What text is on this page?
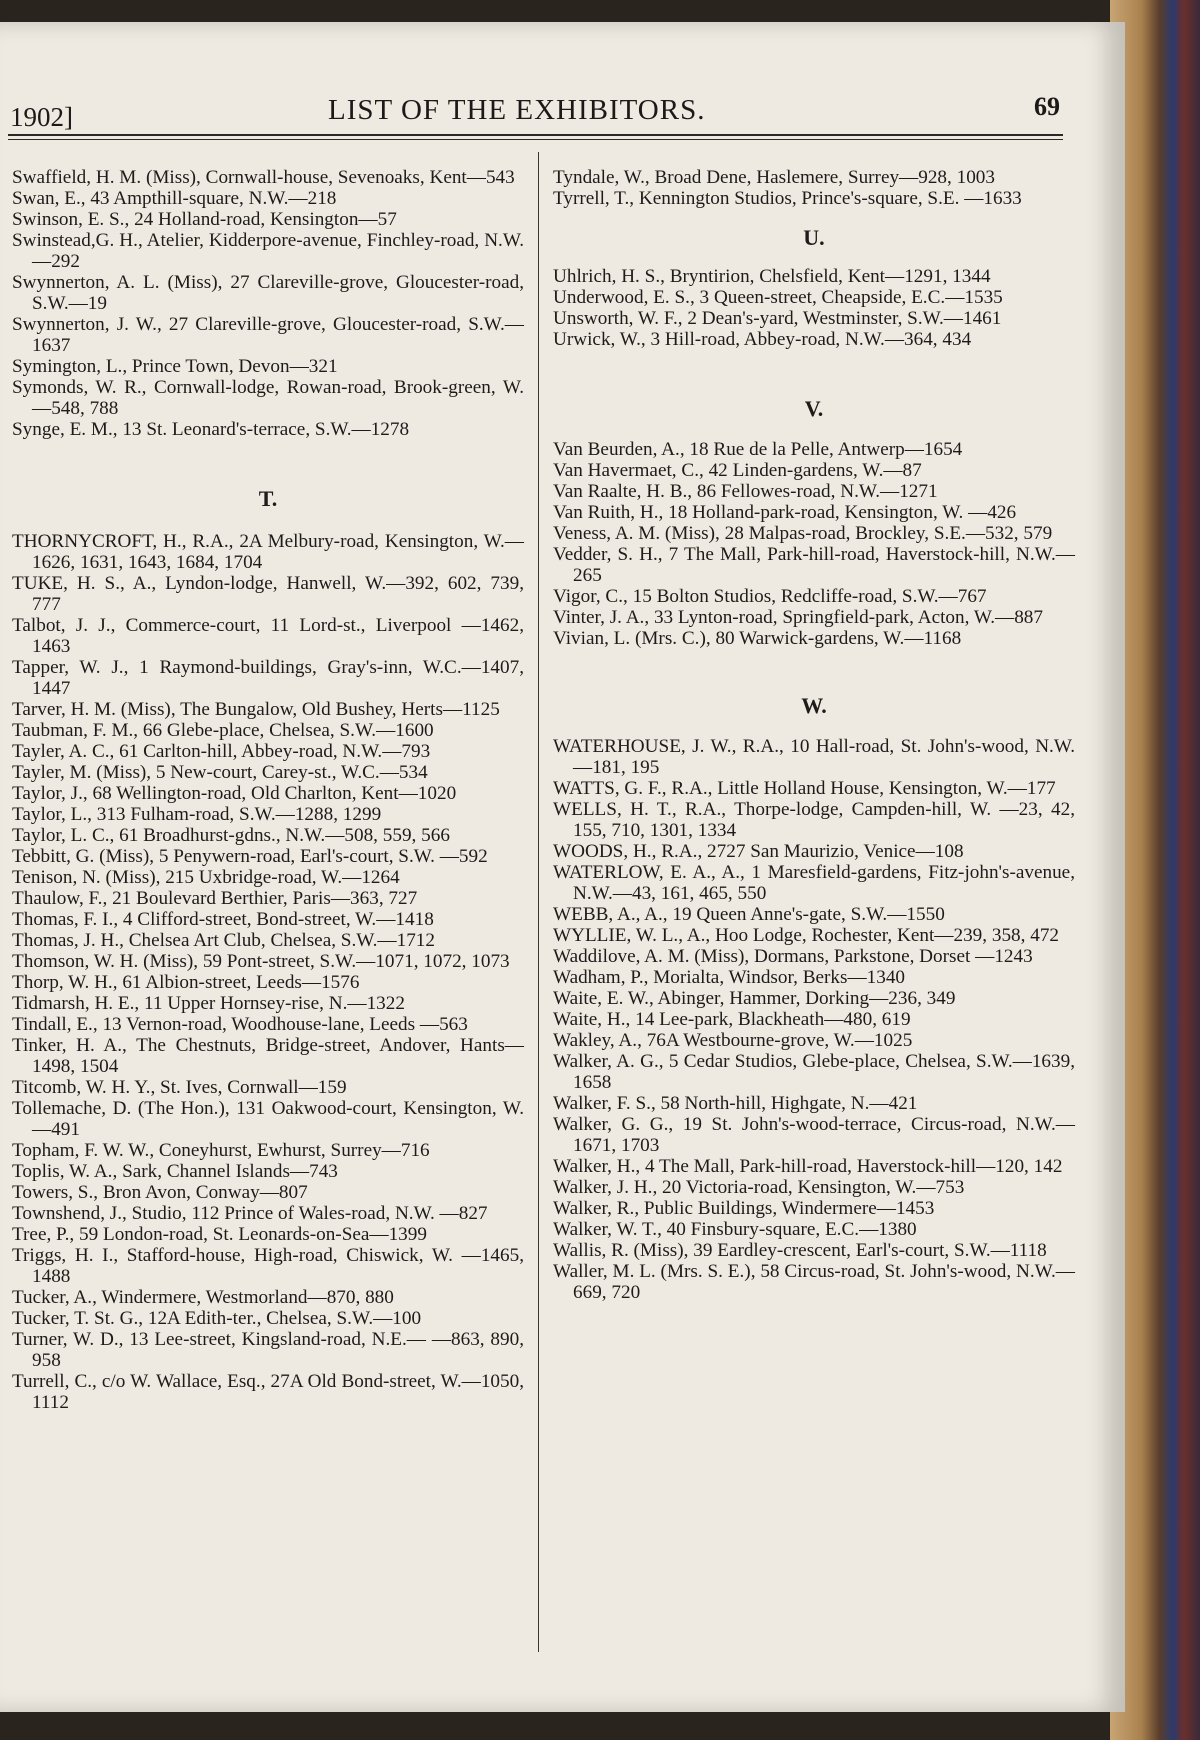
1902]	LIST OF THE EXHIBITORS.	69

Swaffield, H. M. (Miss), Cornwall-house, Sevenoaks, Kent—543

Swan, E., 43 Ampthill-square, N.W.—218

Swinson, E. S., 24 Holland-road, Kensington—57

Swinstead,G. H., Atelier, Kidderpore-avenue, Finchley-road, N.W.—292

Swynnerton, A. L. (Miss), 27 Clareville-grove, Gloucester-road, S.W.—19

Swynnerton, J. W., 27 Clareville-grove, Gloucester-road, S.W.—1637

Symington, L., Prince Town, Devon—321

Symonds, W. R., Cornwall-lodge, Rowan-road, Brook-green, W.—548, 788

Synge, E. M., 13 St. Leonard's-terrace, S.W.—1278

T.

THORNYCROFT, H., R.A., 2A Melbury-road, Kensington, W.—1626, 1631, 1643, 1684, 1704

TUKE, H. S., A., Lyndon-lodge, Hanwell, W.—392, 602, 739, 777

Talbot, J. J., Commerce-court, 11 Lord-st., Liverpool —1462, 1463

Tapper, W. J., 1 Raymond-buildings, Gray's-inn, W.C.—1407, 1447

Tarver, H. M. (Miss), The Bungalow, Old Bushey, Herts—1125

Taubman, F. M., 66 Glebe-place, Chelsea, S.W.—1600

Tayler, A. C., 61 Carlton-hill, Abbey-road, N.W.—793

Tayler, M. (Miss), 5 New-court, Carey-st., W.C.—534

Taylor, J., 68 Wellington-road, Old Charlton, Kent—1020

Taylor, L., 313 Fulham-road, S.W.—1288, 1299

Taylor, L. C., 61 Broadhurst-gdns., N.W.—508, 559, 566

Tebbitt, G. (Miss), 5 Penywern-road, Earl's-court, S.W. —592

Tenison, N. (Miss), 215 Uxbridge-road, W.—1264

Thaulow, F., 21 Boulevard Berthier, Paris—363, 727

Thomas, F. I., 4 Clifford-street, Bond-street, W.—1418

Thomas, J. H., Chelsea Art Club, Chelsea, S.W.—1712

Thomson, W. H. (Miss), 59 Pont-street, S.W.—1071, 1072, 1073

Thorp, W. H., 61 Albion-street, Leeds—1576

Tidmarsh, H. E., 11 Upper Hornsey-rise, N.—1322

Tindall, E., 13 Vernon-road, Woodhouse-lane, Leeds —563

Tinker, H. A., The Chestnuts, Bridge-street, Andover, Hants—1498, 1504

Titcomb, W. H. Y., St. Ives, Cornwall—159

Tollemache, D. (The Hon.), 131 Oakwood-court, Kensington, W.—491

Topham, F. W. W., Coneyhurst, Ewhurst, Surrey—716

Toplis, W. A., Sark, Channel Islands—743

Towers, S., Bron Avon, Conway—807

Townshend, J., Studio, 112 Prince of Wales-road, N.W. —827

Tree, P., 59 London-road, St. Leonards-on-Sea—1399

Triggs, H. I., Stafford-house, High-road, Chiswick, W. —1465, 1488

Tucker, A., Windermere, Westmorland—870, 880

Tucker, T. St. G., 12A Edith-ter., Chelsea, S.W.—100

Turner, W. D., 13 Lee-street, Kingsland-road, N.E.— —863, 890, 958

Turrell, C., c/o W. Wallace, Esq., 27A Old Bond-street, W.—1050, 1112

Tyndale, W., Broad Dene, Haslemere, Surrey—928, 1003

Tyrrell, T., Kennington Studios, Prince's-square, S.E. —1633

U.

Uhlrich, H. S., Bryntirion, Chelsfield, Kent—1291, 1344

Underwood, E. S., 3 Queen-street, Cheapside, E.C.—1535

Unsworth, W. F., 2 Dean's-yard, Westminster, S.W.—1461

Urwick, W., 3 Hill-road, Abbey-road, N.W.—364, 434

V.

Van Beurden, A., 18 Rue de la Pelle, Antwerp—1654

Van Havermaet, C., 42 Linden-gardens, W.—87

Van Raalte, H. B., 86 Fellowes-road, N.W.—1271

Van Ruith, H., 18 Holland-park-road, Kensington, W. —426

Veness, A. M. (Miss), 28 Malpas-road, Brockley, S.E.—532, 579

Vedder, S. H., 7 The Mall, Park-hill-road, Haverstock-hill, N.W.—265

Vigor, C., 15 Bolton Studios, Redcliffe-road, S.W.—767

Vinter, J. A., 33 Lynton-road, Springfield-park, Acton, W.—887

Vivian, L. (Mrs. C.), 80 Warwick-gardens, W.—1168

W.

WATERHOUSE, J. W., R.A., 10 Hall-road, St. John's-wood, N.W.—181, 195

WATTS, G. F., R.A., Little Holland House, Kensington, W.—177

WELLS, H. T., R.A., Thorpe-lodge, Campden-hill, W. —23, 42, 155, 710, 1301, 1334

WOODS, H., R.A., 2727 San Maurizio, Venice—108

WATERLOW, E. A., A., 1 Maresfield-gardens, Fitz-john's-avenue, N.W.—43, 161, 465, 550

WEBB, A., A., 19 Queen Anne's-gate, S.W.—1550

WYLLIE, W. L., A., Hoo Lodge, Rochester, Kent—239, 358, 472

Waddilove, A. M. (Miss), Dormans, Parkstone, Dorset —1243

Wadham, P., Morialta, Windsor, Berks—1340

Waite, E. W., Abinger, Hammer, Dorking—236, 349

Waite, H., 14 Lee-park, Blackheath—480, 619

Wakley, A., 76A Westbourne-grove, W.—1025

Walker, A. G., 5 Cedar Studios, Glebe-place, Chelsea, S.W.—1639, 1658

Walker, F. S., 58 North-hill, Highgate, N.—421

Walker, G. G., 19 St. John's-wood-terrace, Circus-road, N.W.—1671, 1703

Walker, H., 4 The Mall, Park-hill-road, Haverstock-hill—120, 142

Walker, J. H., 20 Victoria-road, Kensington, W.—753

Walker, R., Public Buildings, Windermere—1453

Walker, W. T., 40 Finsbury-square, E.C.—1380

Wallis, R. (Miss), 39 Eardley-crescent, Earl's-court, S.W.—1118

Waller, M. L. (Mrs. S. E.), 58 Circus-road, St. John's-wood, N.W.—669, 720
